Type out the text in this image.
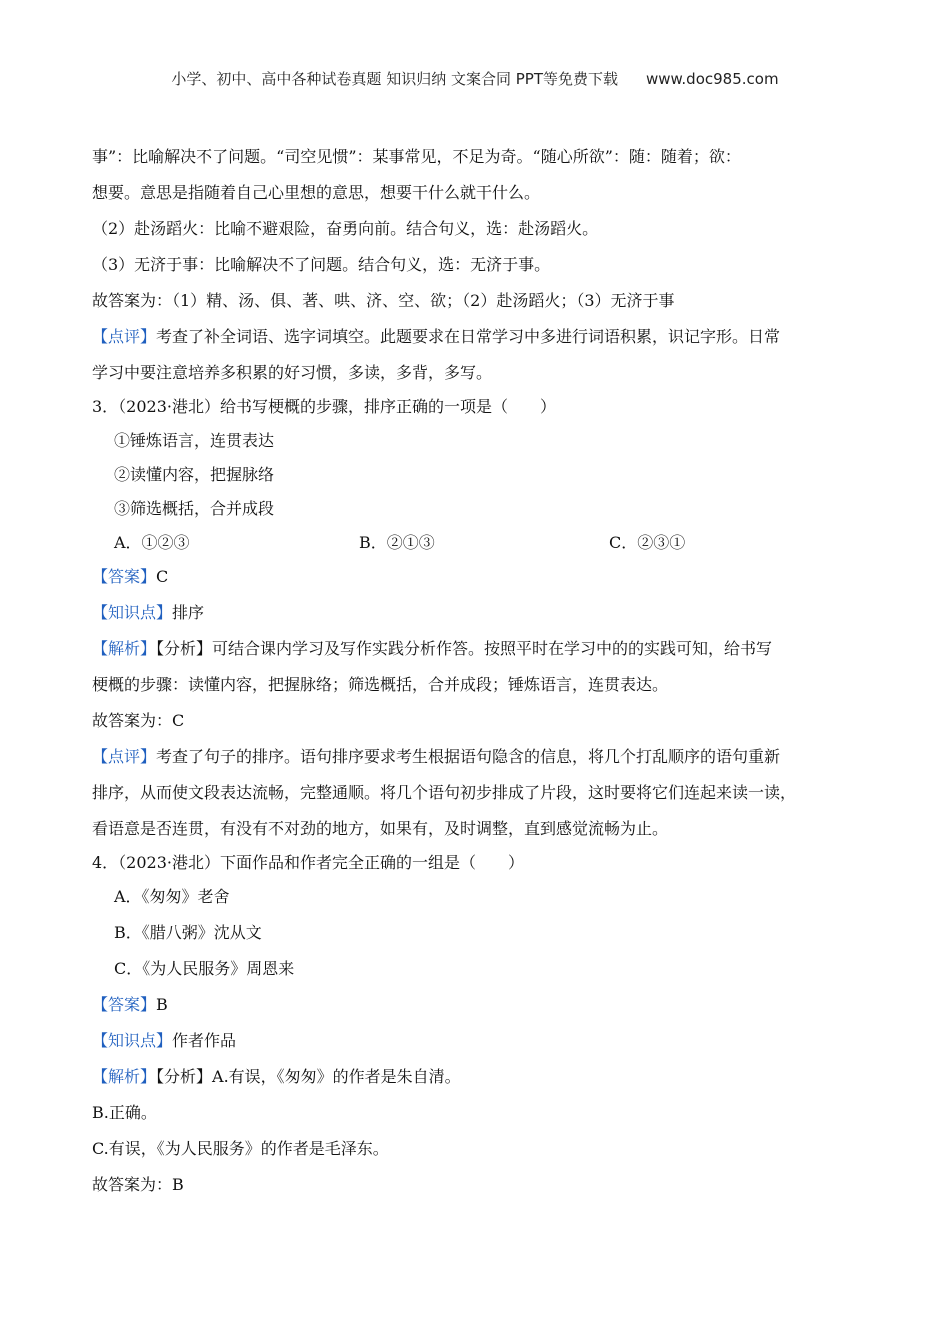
小学、初中、高中各种试卷真题 知识归纳 文案合同 PPT等免费下载 www.doc985.com
事”：比喻解决不了问题。“司空见惯”：某事常见，不足为奇。“随心所欲”：随：随着；欲：
想要。意思是指随着自己心里想的意思，想要干什么就干什么。
（2）赴汤蹈火：比喻不避艰险，奋勇向前。结合句义，选：赴汤蹈火。
（3）无济于事：比喻解决不了问题。结合句义，选：无济于事。
故答案为：（1）精、汤、俱、著、哄、济、空、欲；（2）赴汤蹈火；（3）无济于事
【点评】考查了补全词语、选字词填空。此题要求在日常学习中多进行词语积累，识记字形。日常
学习中要注意培养多积累的好习惯，多读，多背，多写。
3．（2023·港北）给书写梗概的步骤，排序正确的一项是（　　）
①锤炼语言，连贯表达
②读懂内容，把握脉络
③筛选概括，合并成段
A．①②③	B．②①③	C．②③①
【答案】C
【知识点】排序
【解析】【分析】可结合课内学习及写作实践分析作答。按照平时在学习中的的实践可知，给书写
梗概的步骤：读懂内容，把握脉络；筛选概括，合并成段；锤炼语言，连贯表达。
故答案为：C
【点评】考查了句子的排序。语句排序要求考生根据语句隐含的信息，将几个打乱顺序的语句重新
排序，从而使文段表达流畅，完整通顺。将几个语句初步排成了片段，这时要将它们连起来读一读，
看语意是否连贯，有没有不对劲的地方，如果有，及时调整，直到感觉流畅为止。
4．（2023·港北）下面作品和作者完全正确的一组是（　　）
A．《匆匆》老舍
B．《腊八粥》沈从文
C．《为人民服务》周恩来
【答案】B
【知识点】作者作品
【解析】【分析】A.有误，《匆匆》的作者是朱自清。
B.正确。
C.有误，《为人民服务》的作者是毛泽东。
故答案为：B
